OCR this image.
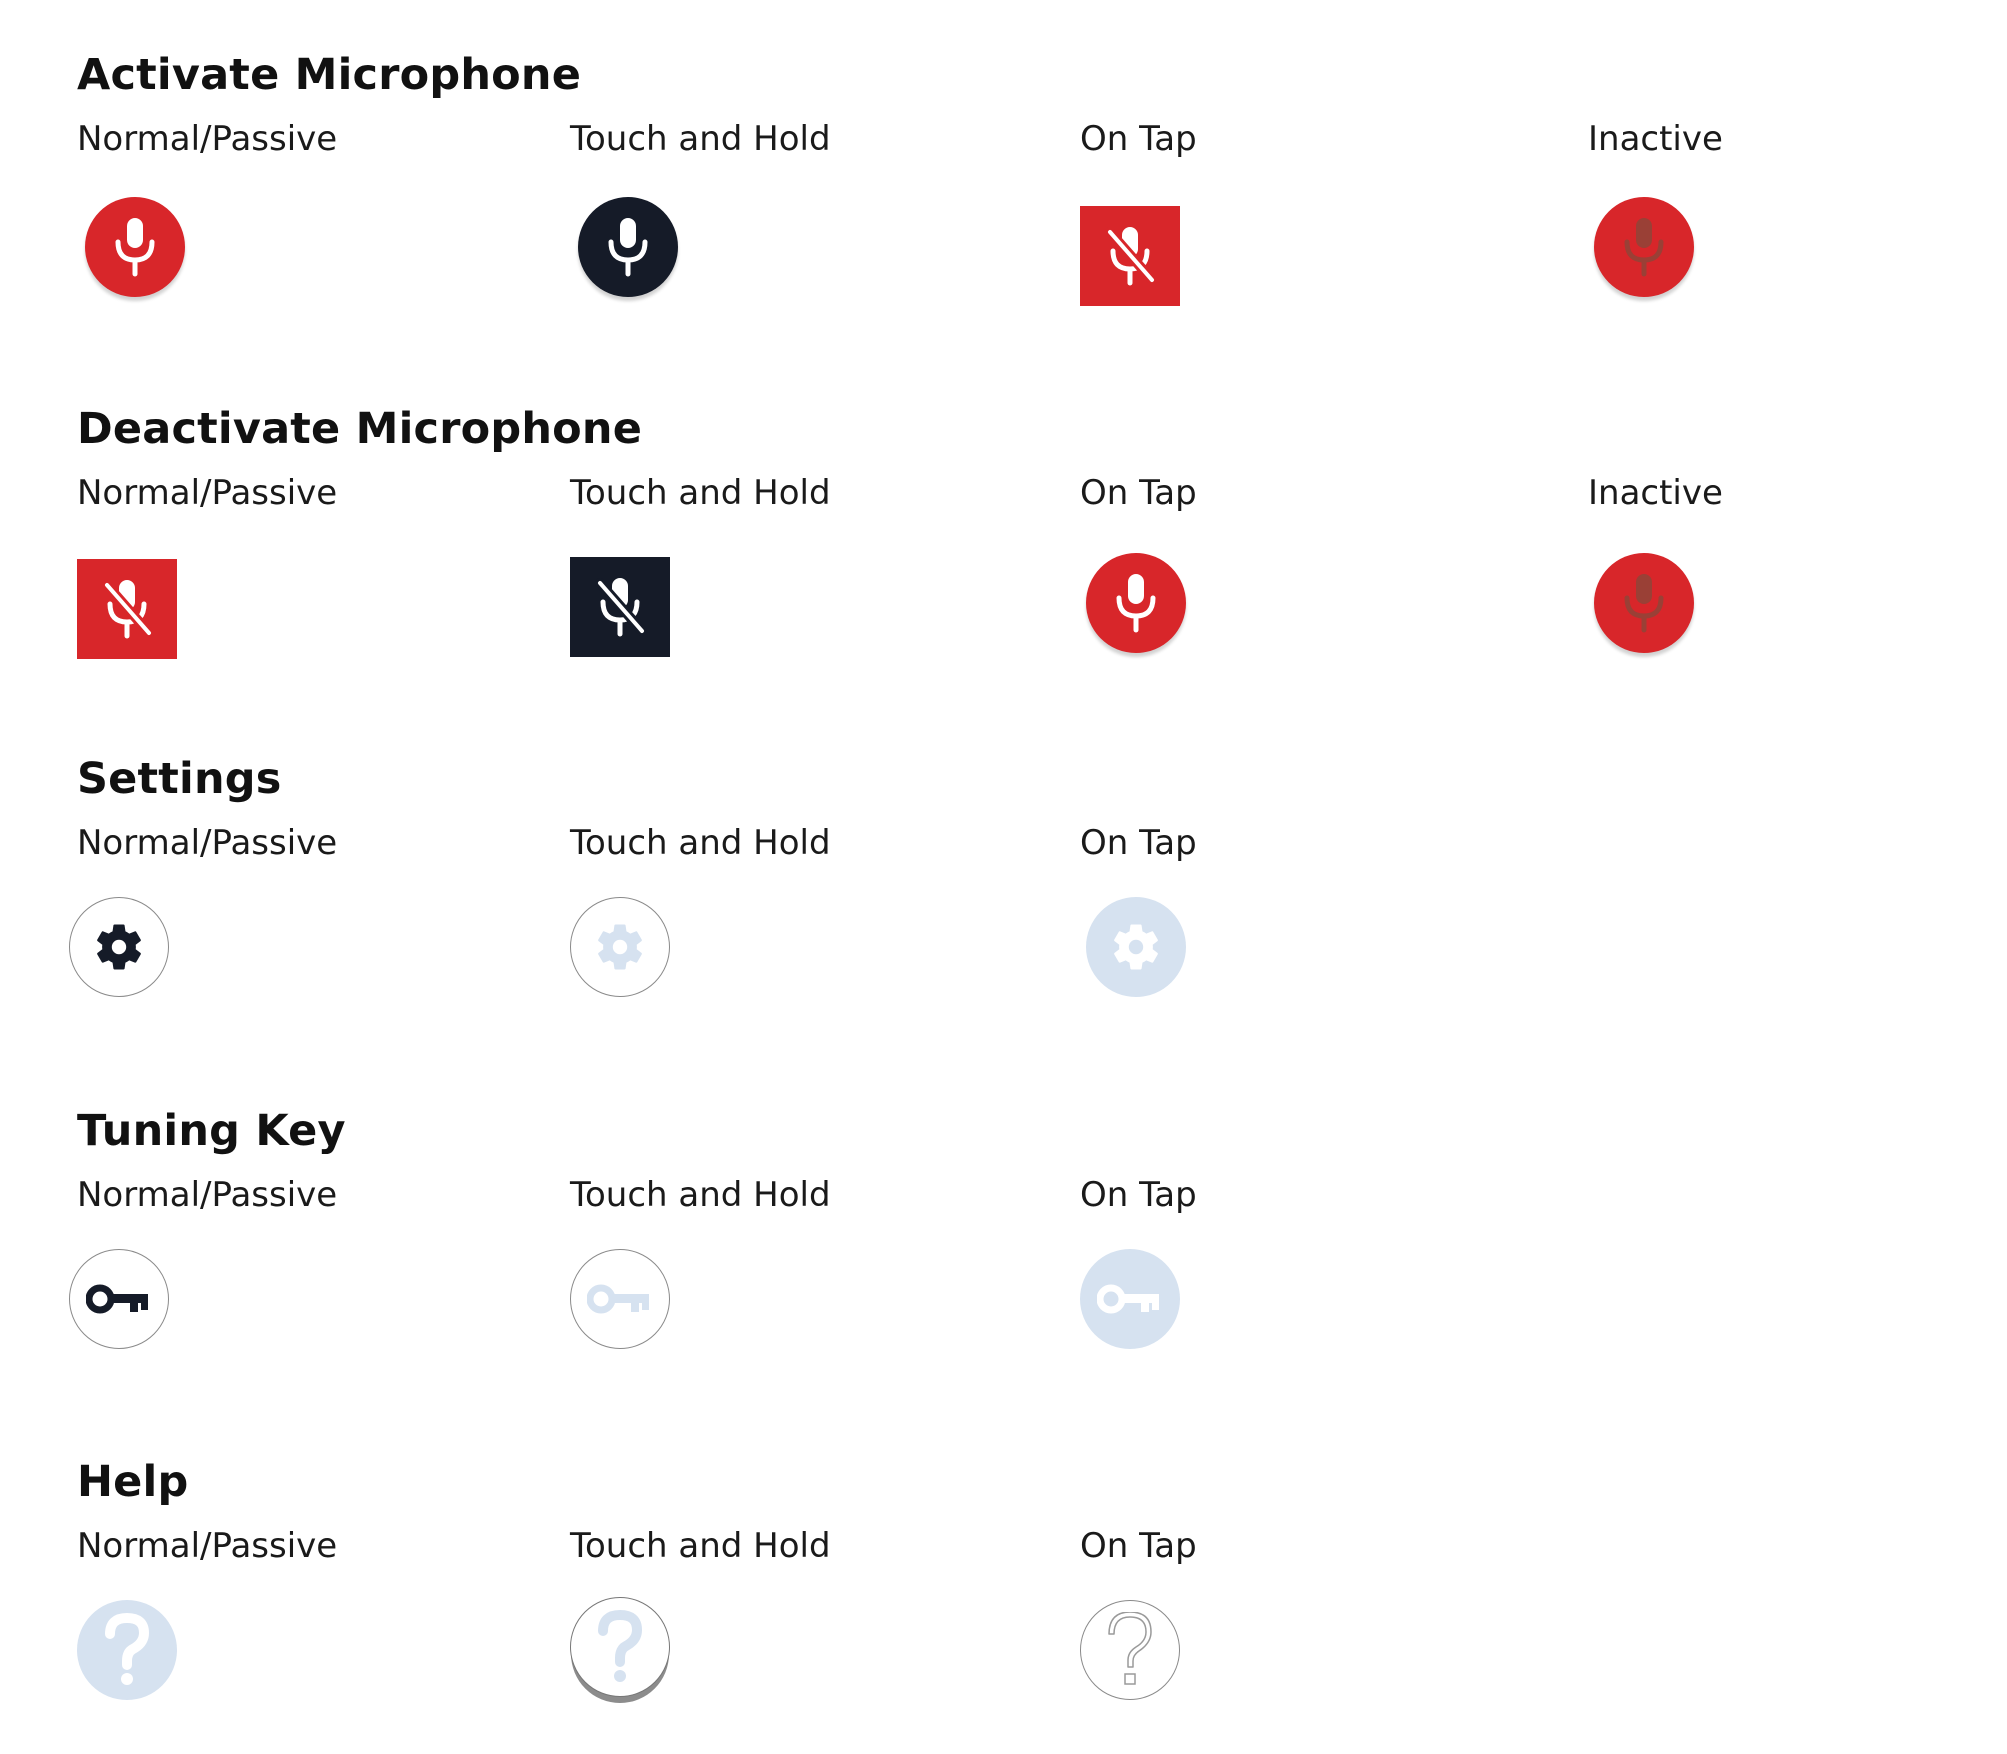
Activate Microphone
Normal/Passive	Touch and Hold	On Tap	Inactive
Deactivate Microphone
Normal/Passive	Touch and Hold	On Tap	Inactive
Settings
Normal/Passive	Touch and Hold	On Tap
Tuning Key
Normal/Passive	Touch and Hold	On Tap
Help
Normal/Passive	Touch and Hold	On Tap
